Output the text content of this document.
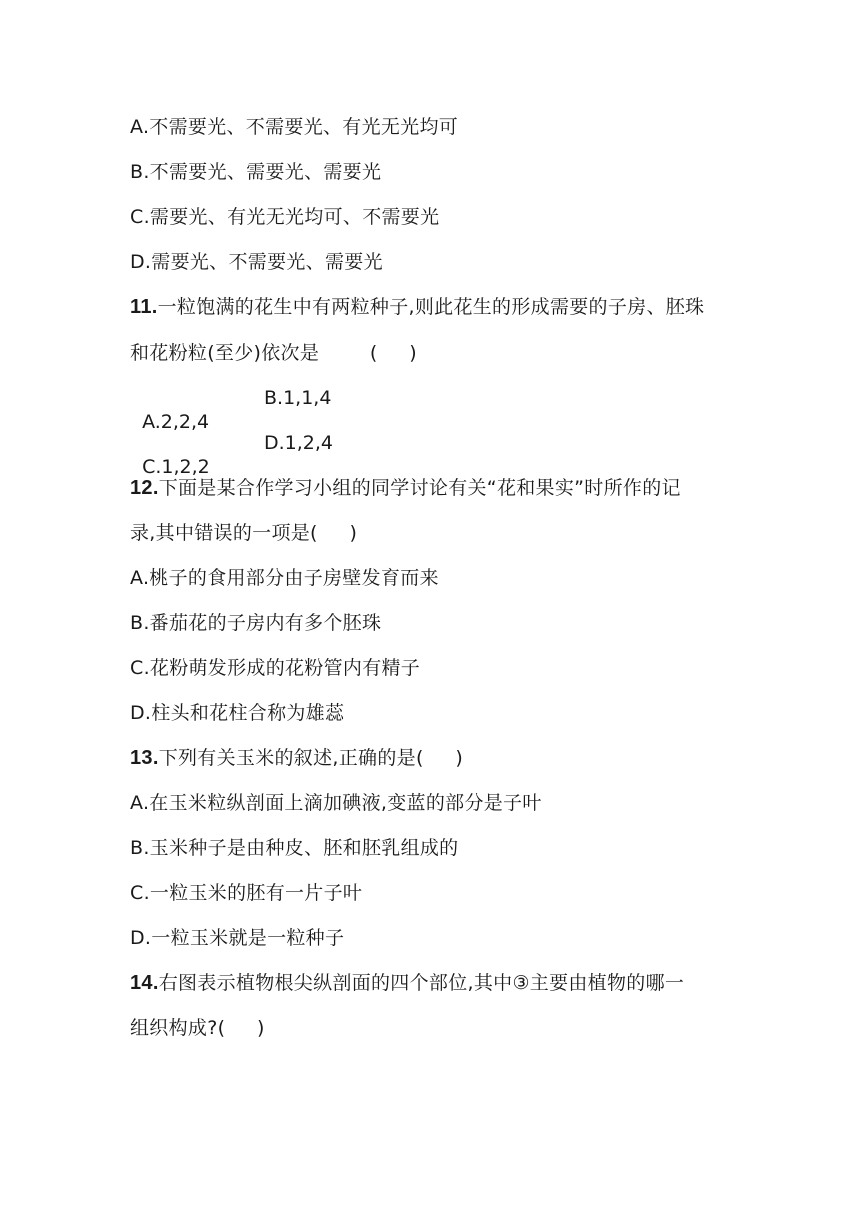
A.不需要光、不需要光、有光无光均可
B.不需要光、需要光、需要光
C.需要光、有光无光均可、不需要光
D.需要光、不需要光、需要光
11.一粒饱满的花生中有两粒种子,则此花生的形成需要的子房、胚珠
和花粉粒(至少)依次是        (     )

A.2,2,4

B.1,1,4

C.1,2,2

D.1,2,4

12.下面是某合作学习小组的同学讨论有关“花和果实”时所作的记
录,其中错误的一项是(     )
A.桃子的食用部分由子房壁发育而来
B.番茄花的子房内有多个胚珠
C.花粉萌发形成的花粉管内有精子
D.柱头和花柱合称为雄蕊
13.下列有关玉米的叙述,正确的是(     )
A.在玉米粒纵剖面上滴加碘液,变蓝的部分是子叶
B.玉米种子是由种皮、胚和胚乳组成的
C.一粒玉米的胚有一片子叶
D.一粒玉米就是一粒种子
14.右图表示植物根尖纵剖面的四个部位,其中③主要由植物的哪一
组织构成?(     )
